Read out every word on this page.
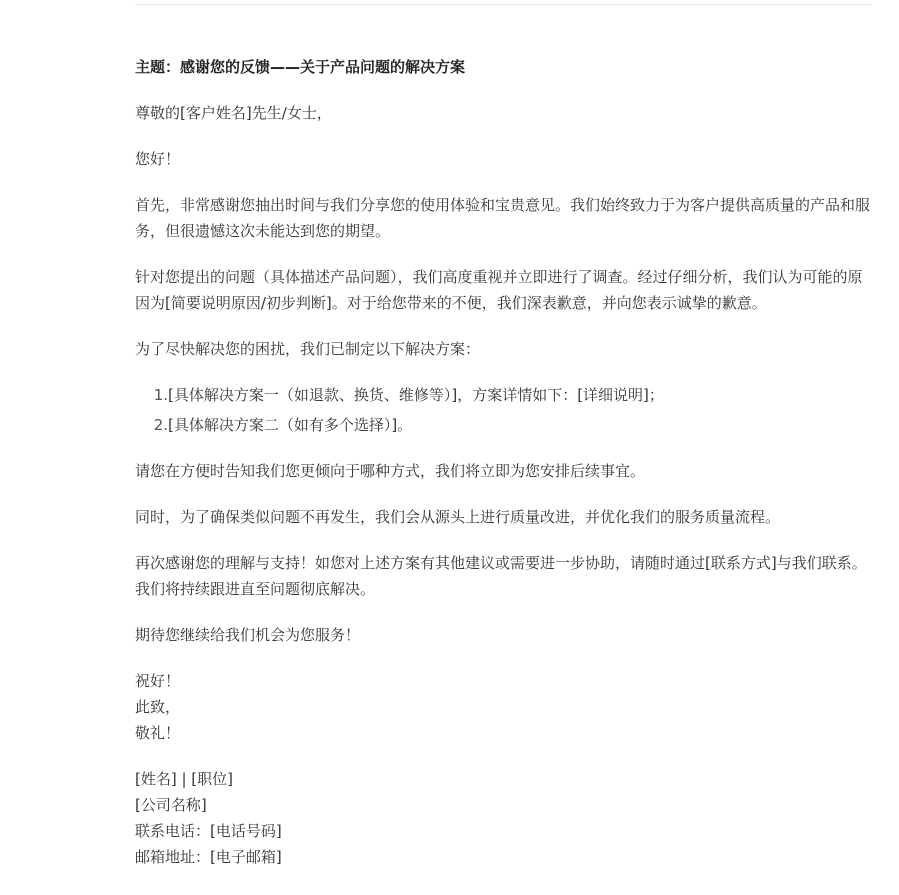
主题：感谢您的反馈——关于产品问题的解决方案
尊敬的[客户姓名]先生/女士，
您好！
首先，非常感谢您抽出时间与我们分享您的使用体验和宝贵意见。我们始终致力于为客户提供高质量的产品和服务，但很遗憾这次未能达到您的期望。
针对您提出的问题（具体描述产品问题），我们高度重视并立即进行了调查。经过仔细分析，我们认为可能的原因为[简要说明原因/初步判断]。对于给您带来的不便，我们深表歉意，并向您表示诚挚的歉意。
为了尽快解决您的困扰，我们已制定以下解决方案：
1. [具体解决方案一（如退款、换货、维修等）]，方案详情如下：[详细说明]；
2. [具体解决方案二（如有多个选择）]。
请您在方便时告知我们您更倾向于哪种方式，我们将立即为您安排后续事宜。
同时，为了确保类似问题不再发生，我们会从源头上进行质量改进，并优化我们的服务质量流程。
再次感谢您的理解与支持！如您对上述方案有其他建议或需要进一步协助，请随时通过[联系方式]与我们联系。我们将持续跟进直至问题彻底解决。
期待您继续给我们机会为您服务！
祝好！
此致，
敬礼！
[姓名] | [职位]
[公司名称]
联系电话：[电话号码]
邮箱地址：[电子邮箱]
